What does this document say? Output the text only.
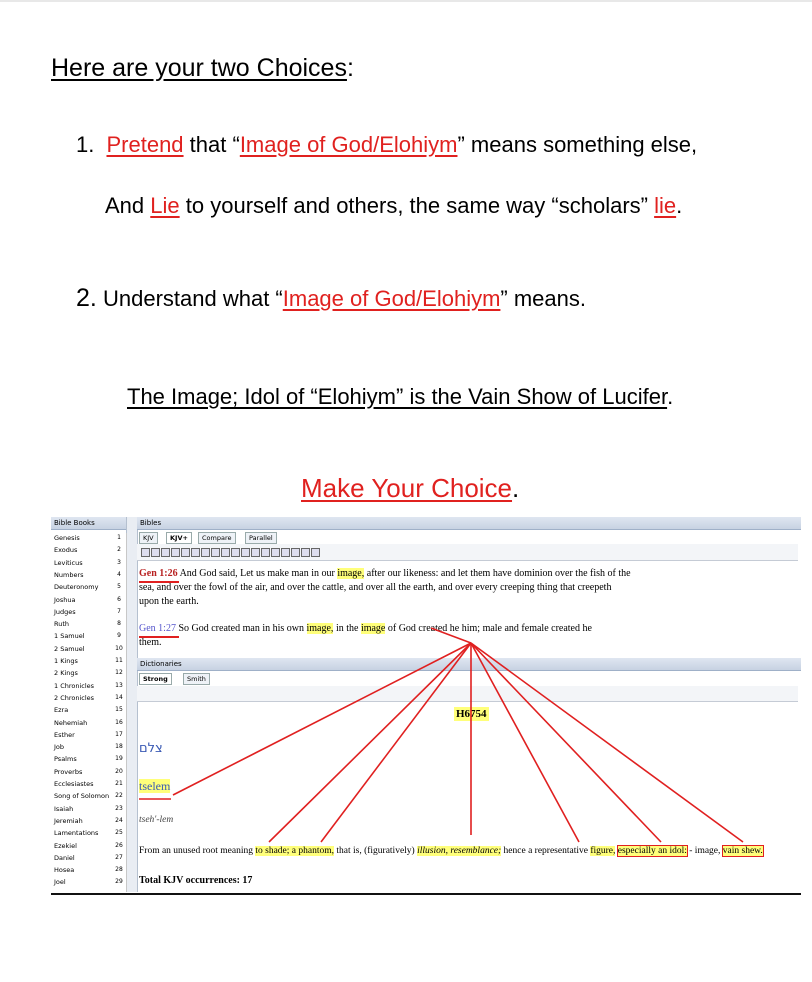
Here are your two Choices:
1. Pretend that “Image of God/Elohiym” means something else,
And Lie to yourself and others, the same way “scholars” lie.
2. Understand what “Image of God/Elohiym” means.
The Image; Idol of “Elohiym” is the Vain Show of Lucifer.
Make Your Choice.
Bible Books
Genesis	1
Exodus	2
Leviticus	3
Numbers	4
Deuteronomy	5
Joshua	6
Judges	7
Ruth	8
1 Samuel	9
2 Samuel	10
1 Kings	11
2 Kings	12
1 Chronicles	13
2 Chronicles	14
Ezra	15
Nehemiah	16
Esther	17
Job	18
Psalms	19
Proverbs	20
Ecclesiastes	21
Song of Solomon	22
Isaiah	23
Jeremiah	24
Lamentations	25
Ezekiel	26
Daniel	27
Hosea	28
Joel	29
Bibles
KJV	KJV+	Compare	Parallel
Gen 1:26 And God said, Let us make man in our image, after our likeness: and let them have dominion over the fish of the
sea, and over the fowl of the air, and over the cattle, and over all the earth, and over every creeping thing that creepeth
upon the earth.
Gen 1:27 So God created man in his own image, in the image of God created he him; male and female created he
them.
Dictionaries
Strong	Smith
H6754
צלם
tselem
tseh'-lem
From an unused root meaning to shade; a phantom, that is, (figuratively) illusion, resemblance; hence a representative figure, especially an idol: - image, vain shew.
Total KJV occurrences: 17
